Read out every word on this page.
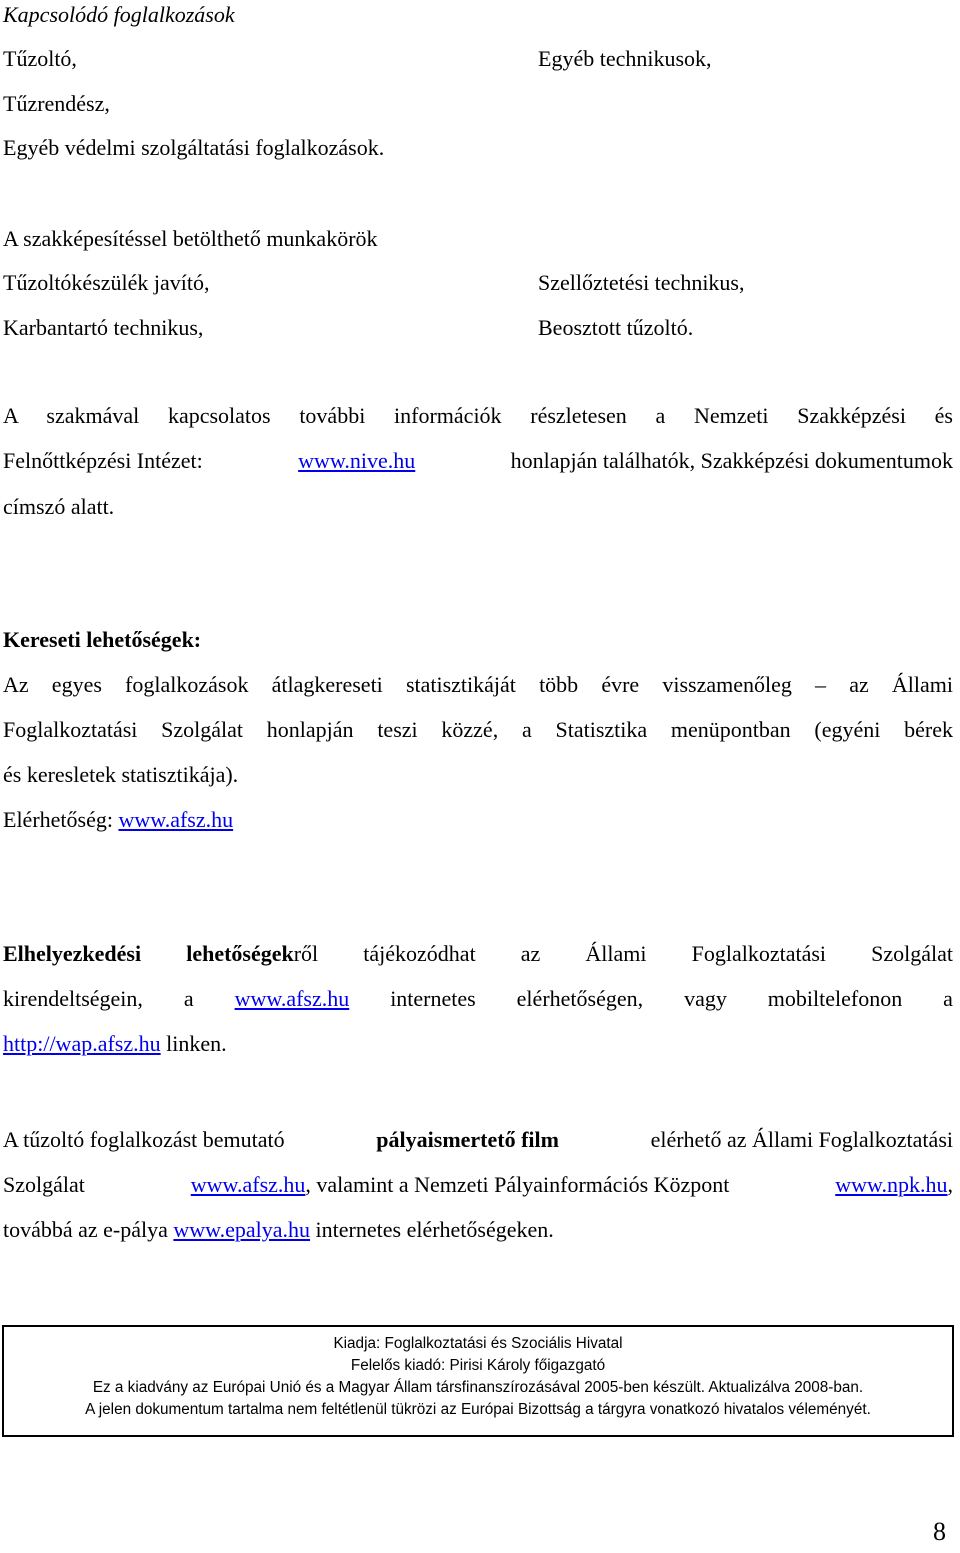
Kapcsolódó foglalkozások
Tűzoltó,	Egyéb technikusok,
Tűzrendész,
Egyéb védelmi szolgáltatási foglalkozások.
A szakképesítéssel betölthető munkakörök
Tűzoltókészülék javító,	Szellőztetési technikus,
Karbantartó technikus,	Beosztott tűzoltó.
A szakmával kapcsolatos további információk részletesen a Nemzeti Szakképzési és
Felnőttképzési Intézet:	www.nive.hu	honlapján találhatók, Szakképzési dokumentumok
címszó alatt.
Kereseti lehetőségek:
Az egyes foglalkozások átlagkereseti statisztikáját több évre visszamenőleg – az Állami
Foglalkoztatási Szolgálat honlapján teszi közzé, a Statisztika menüpontban (egyéni bérek
és keresletek statisztikája).
Elérhetőség: www.afsz.hu
Elhelyezkedési lehetőségekről tájékozódhat az Állami Foglalkoztatási Szolgálat
kirendeltségein, a www.afsz.hu internetes elérhetőségen, vagy mobiltelefonon a
http://wap.afsz.hu linken.
A tűzoltó foglalkozást bemutató	pályaismertető film	elérhető az Állami Foglalkoztatási
Szolgálat	www.afsz.hu, valamint a Nemzeti Pályainformációs Központ	www.npk.hu,
továbbá az e-pálya www.epalya.hu internetes elérhetőségeken.
Kiadja: Foglalkoztatási és Szociális Hivatal
Felelős kiadó: Pirisi Károly főigazgató
Ez a kiadvány az Európai Unió és a Magyar Állam társfinanszírozásával 2005-ben készült. Aktualizálva 2008-ban.
A jelen dokumentum tartalma nem feltétlenül tükrözi az Európai Bizottság a tárgyra vonatkozó hivatalos véleményét.
8
